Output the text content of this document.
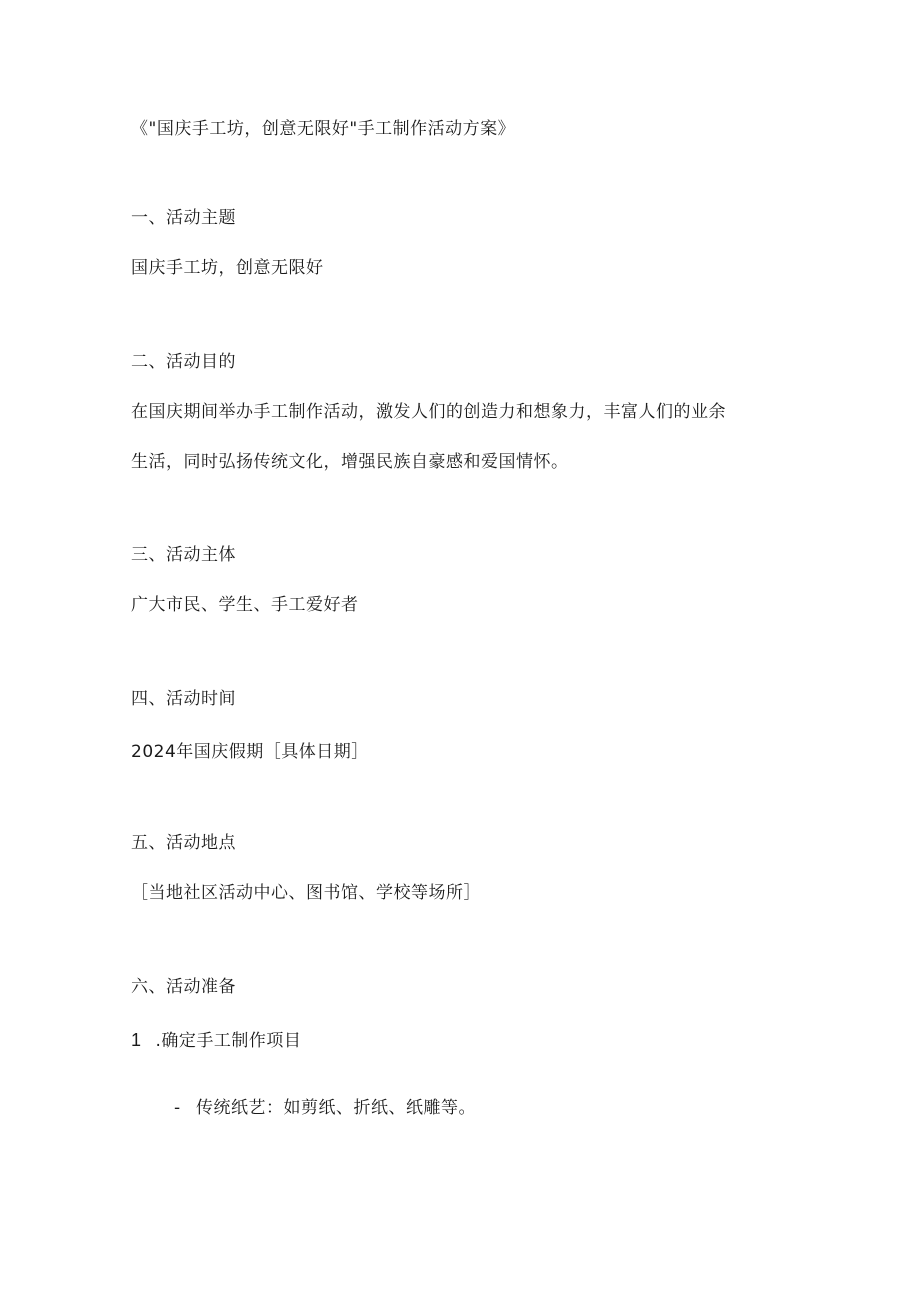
《"国庆手工坊，创意无限好"手工制作活动方案》
一、活动主题
国庆手工坊，创意无限好
二、活动目的
在国庆期间举办手工制作活动，激发人们的创造力和想象力，丰富人们的业余
生活，同时弘扬传统文化，增强民族自豪感和爱国情怀。
三、活动主体
广大市民、学生、手工爱好者
四、活动时间
2024年国庆假期［具体日期］
五、活动地点
［当地社区活动中心、图书馆、学校等场所］
六、活动准备
1 .确定手工制作项目
- 传统纸艺：如剪纸、折纸、纸雕等。
